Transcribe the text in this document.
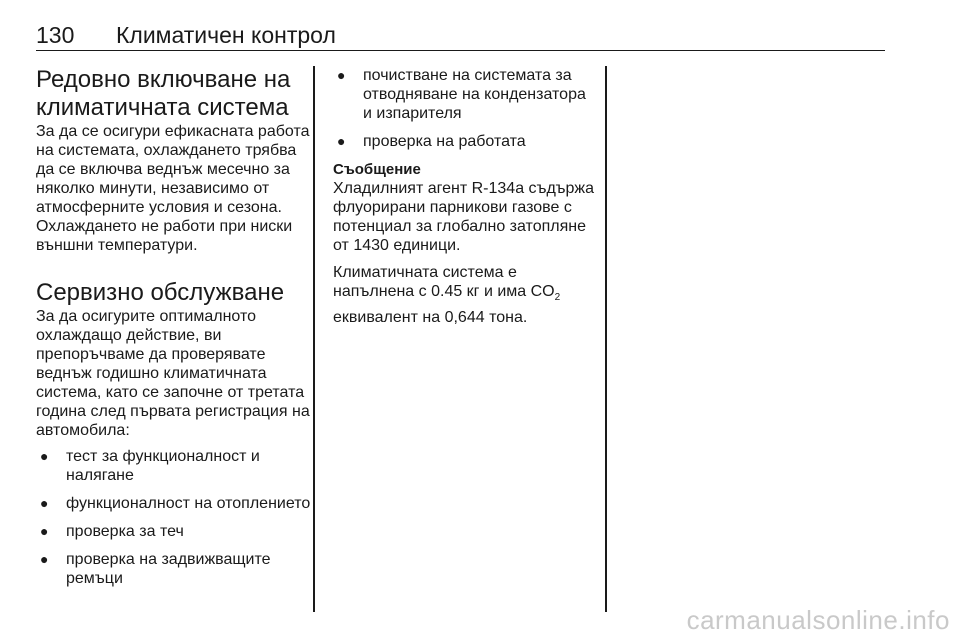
130 Климатичен контрол
Редовно включване на климатичната система

За да се осигури ефикасната работа на системата, охлаждането трябва да се включва веднъж месечно за няколко минути, независимо от атмосферните условия и сезона. Охлаждането не работи при ниски външни температури.

Сервизно обслужване

За да осигурите оптималното охлаждащо действие, ви препоръчваме да проверявате веднъж годишно климатичната система, като се започне от третата година след първата регистрация на автомобила:

● тест за функционалност и налягане
● функционалност на отоплението
● проверка за теч
● проверка на задвижващите ремъци
● почистване на системата за отводняване на кондензатора и изпарителя
● проверка на работата
Съобщение

Хладилният агент R-134a съдържа флуорирани парникови газове с потенциал за глобално затопляне от 1430 единици.

Климатичната система е напълнена с 0.45 кг и има $CO_2$
еквивалент на 0,644 тона.

carmanualsonline.info
